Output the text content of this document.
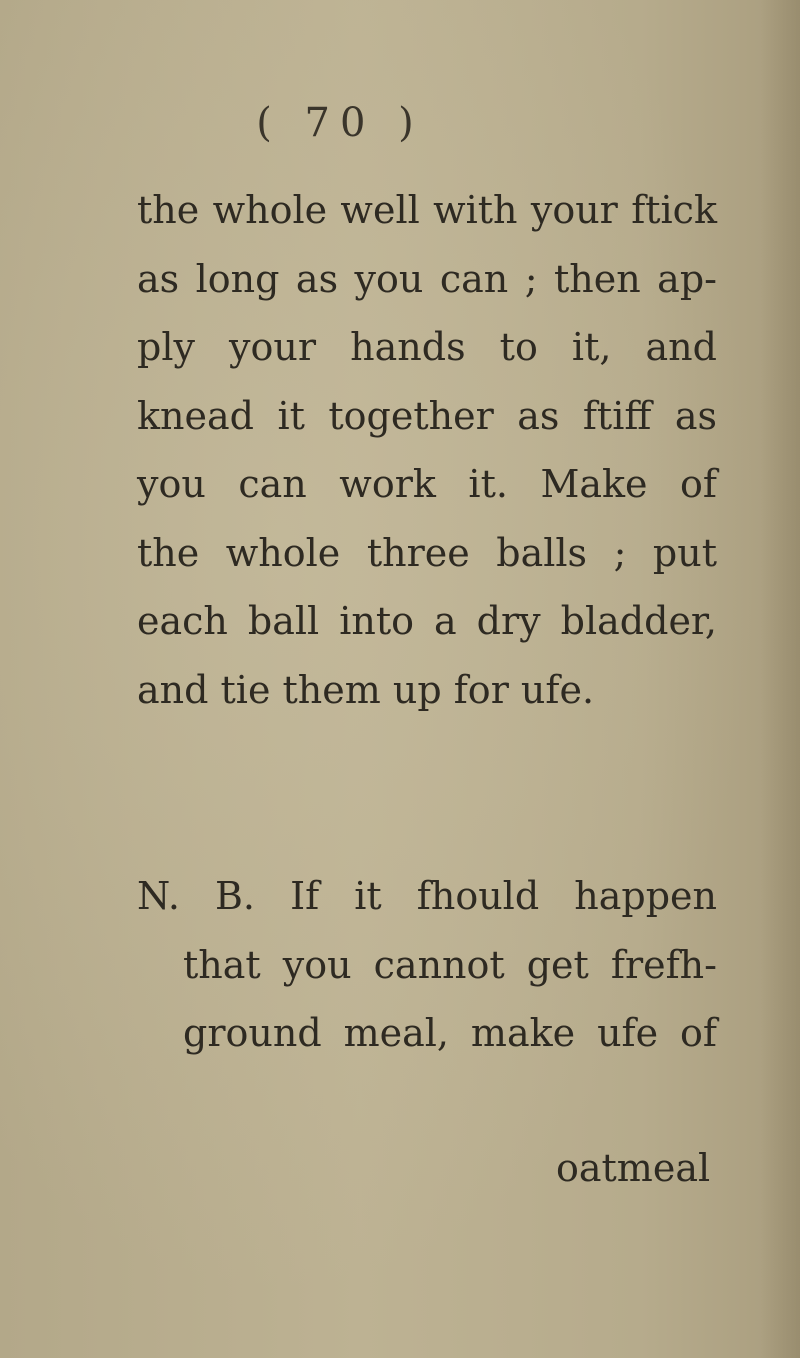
( 70 )
the whole well with your ftick
as long as you can ; then ap-
ply your hands to it, and
knead it together as ftiff as
you can work it. Make of
the whole three balls ; put
each ball into a dry bladder,
and tie them up for ufe.
N. B. If it fhould happen
that you cannot get frefh-
ground meal, make ufe of
oatmeal
